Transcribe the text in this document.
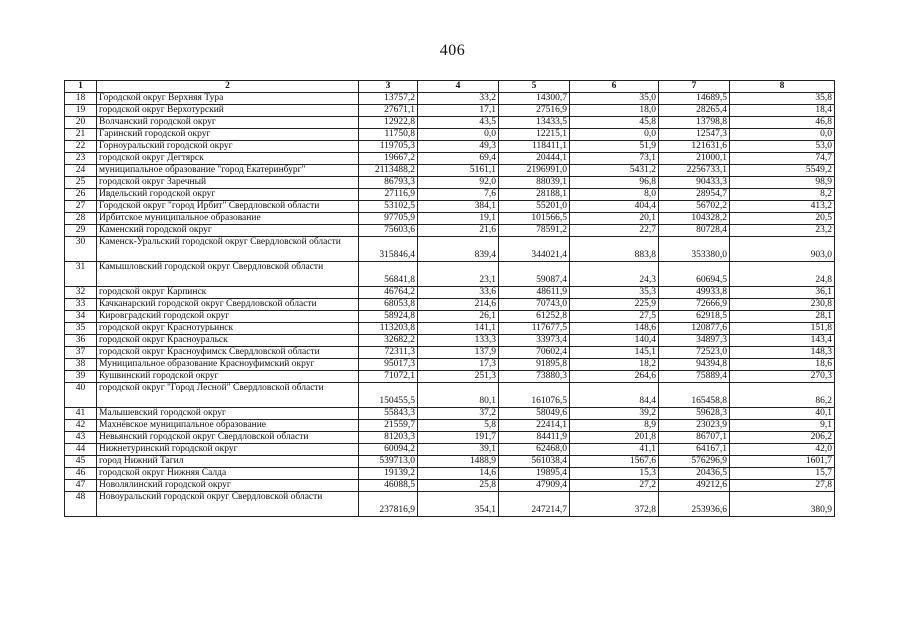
406
1	2	3	4	5	6	7	8
18	Городской округ Верхняя Тура	13757,2	33,2	14300,7	35,0	14689,5	35,8
19	городской округ Верхотурский	27671,1	17,1	27516,9	18,0	28265,4	18,4
20	Волчанский городской округ	12922,8	43,5	13433,5	45,8	13798,8	46,8
21	Гаринский городской округ	11750,8	0,0	12215,1	0,0	12547,3	0,0
22	Горноуральский городской округ	119705,3	49,3	118411,1	51,9	121631,6	53,0
23	городской округ Дегтярск	19667,2	69,4	20444,1	73,1	21000,1	74,7
24	муниципальное образование "город Екатеринбург"	2113488,2	5161,1	2196991,0	5431,2	2256733,1	5549,2
25	городской округ Заречный	86793,3	92,0	88039,1	96,8	90433,3	98,9
26	Ивдельский городской округ	27116,9	7,6	28188,1	8,0	28954,7	8,2
27	Городской округ "город Ирбит" Свердловской области	53102,5	384,1	55201,0	404,4	56702,2	413,2
28	Ирбитское муниципальное образование	97705,9	19,1	101566,5	20,1	104328,2	20,5
29	Каменский городской округ	75603,6	21,6	78591,2	22,7	80728,4	23,2
30	Каменск-Уральский городской округ Свердловской области	315846,4	839,4	344021,4	883,8	353380,0	903,0
31	Камышловский городской округ Свердловской области	56841,8	23,1	59087,4	24,3	60694,5	24,8
32	городской округ Карпинск	46764,2	33,6	48611,9	35,3	49933,8	36,1
33	Качканарский городской округ Свердловской области	68053,8	214,6	70743,0	225,9	72666,9	230,8
34	Кировградский городской округ	58924,8	26,1	61252,8	27,5	62918,5	28,1
35	городской округ Краснотурьинск	113203,8	141,1	117677,5	148,6	120877,6	151,8
36	городской округ Красноуральск	32682,2	133,3	33973,4	140,4	34897,3	143,4
37	городской округ Красноуфимск Свердловской области	72311,3	137,9	70602,4	145,1	72523,0	148,3
38	Муниципальное образование Красноуфимский округ	95017,3	17,3	91895,8	18,2	94394,8	18,6
39	Кушвинский городской округ	71072,1	251,3	73880,3	264,6	75889,4	270,3
40	городской округ "Город Лесной" Свердловской области	150455,5	80,1	161076,5	84,4	165458,8	86,2
41	Малышевский городской округ	55843,3	37,2	58049,6	39,2	59628,3	40,1
42	Махнёвское муниципальное образование	21559,7	5,8	22414,1	8,9	23023,9	9,1
43	Невьянский городской округ Свердловской области	81203,3	191,7	84411,9	201,8	86707,1	206,2
44	Нижнетуринский городской округ	60094,2	39,1	62468,0	41,1	64167,1	42,0
45	город Нижний Тагил	539713,0	1488,9	561038,4	1567,6	576296,9	1601,7
46	городской округ Нижняя Салда	19139,2	14,6	19895,4	15,3	20436,5	15,7
47	Новолялинский городской округ	46088,5	25,8	47909,4	27,2	49212,6	27,8
48	Новоуральский городской округ Свердловской области	237816,9	354,1	247214,7	372,8	253936,6	380,9
